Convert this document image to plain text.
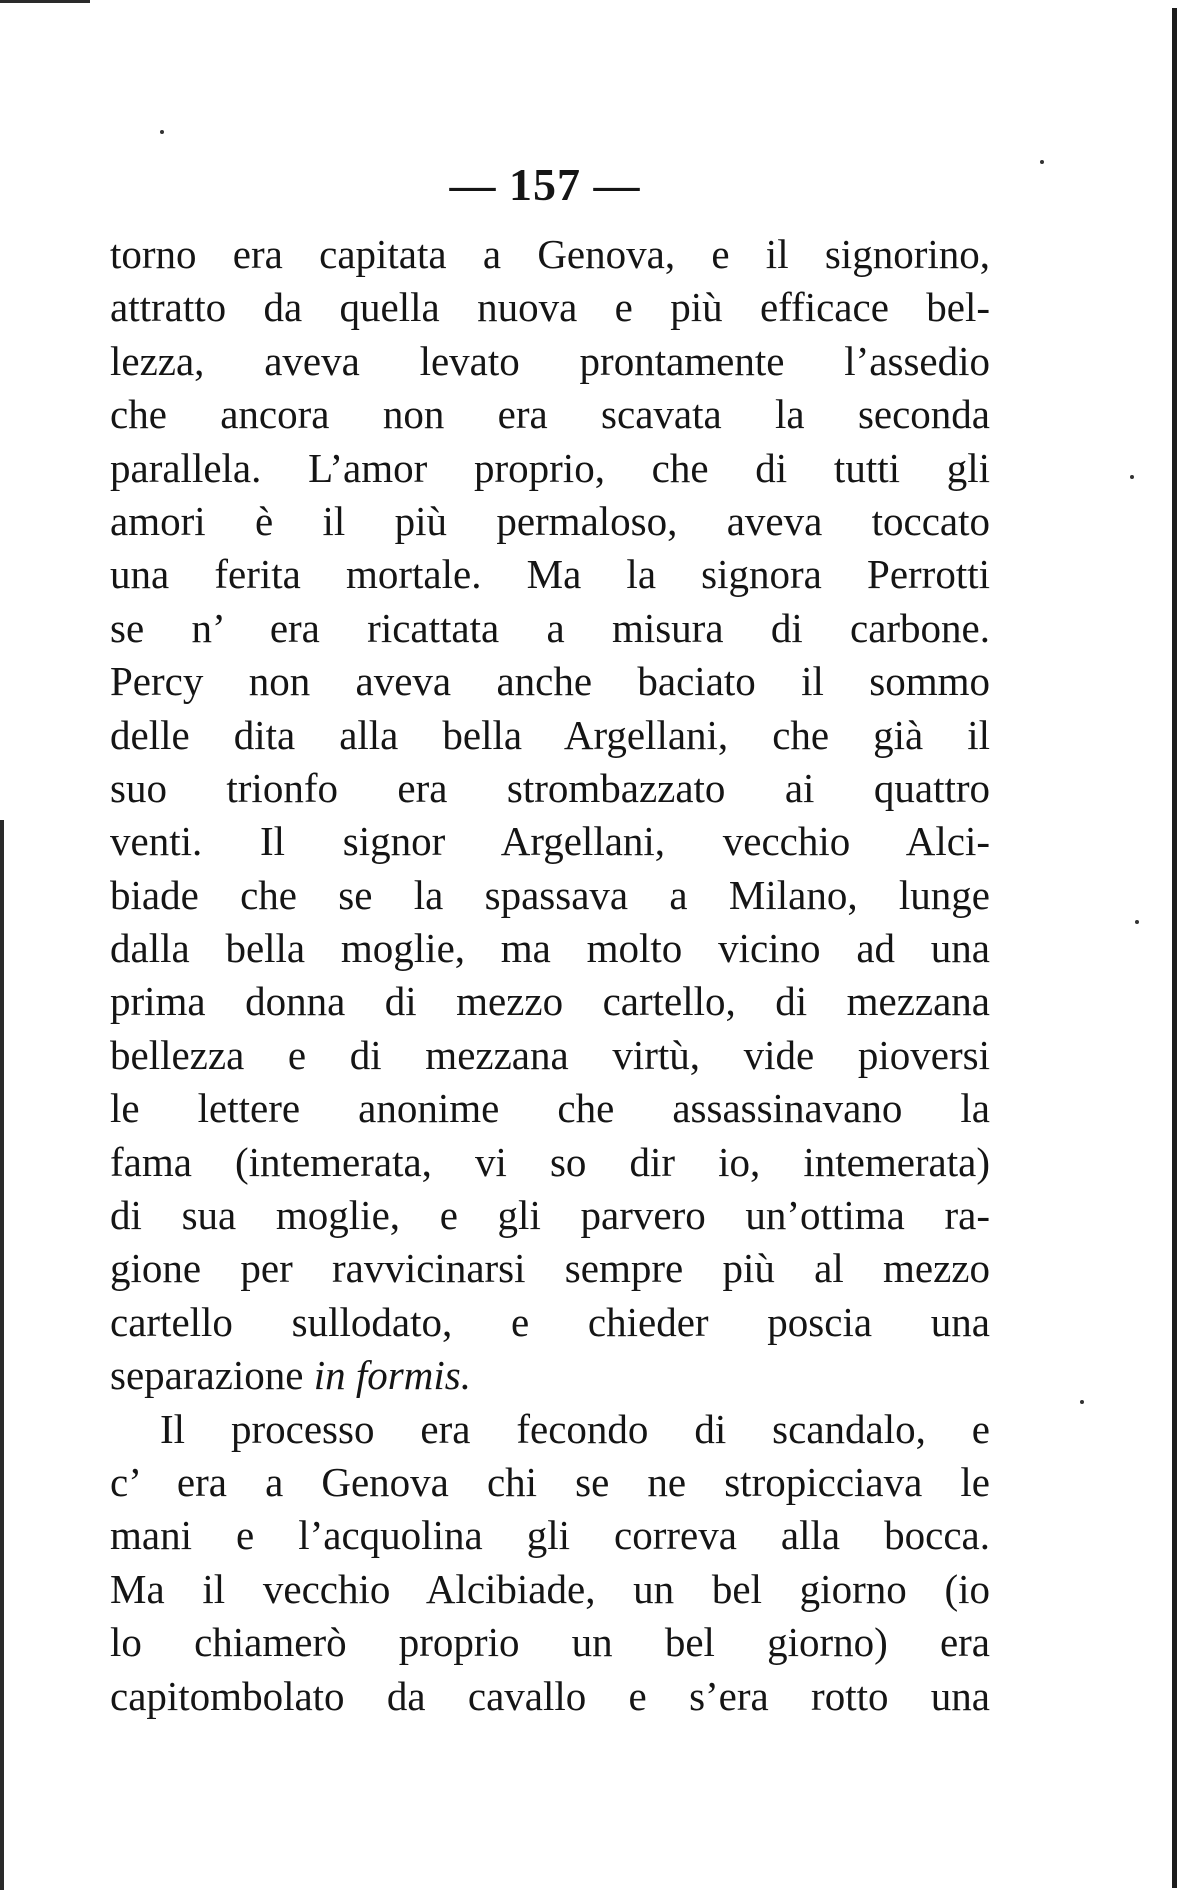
— 157 —
torno era capitata a Genova, e il signorino,
attratto da quella nuova e più efficace bel-
lezza, aveva levato prontamente l’assedio
che ancora non era scavata la seconda
parallela. L’amor proprio, che di tutti gli
amori è il più permaloso, aveva toccato
una ferita mortale. Ma la signora Perrotti
se n’ era ricattata a misura di carbone.
Percy non aveva anche baciato il sommo
delle dita alla bella Argellani, che già il
suo trionfo era strombazzato ai quattro
venti. Il signor Argellani, vecchio Alci-
biade che se la spassava a Milano, lunge
dalla bella moglie, ma molto vicino ad una
prima donna di mezzo cartello, di mezzana
bellezza e di mezzana virtù, vide pioversi
le lettere anonime che assassinavano la
fama (intemerata, vi so dir io, intemerata)
di sua moglie, e gli parvero un’ottima ra-
gione per ravvicinarsi sempre più al mezzo
cartello sullodato, e chieder poscia una
separazione in formis.
Il processo era fecondo di scandalo, e
c’ era a Genova chi se ne stropicciava le
mani e l’acquolina gli correva alla bocca.
Ma il vecchio Alcibiade, un bel giorno (io
lo chiamerò proprio un bel giorno) era
capitombolato da cavallo e s’era rotto una
